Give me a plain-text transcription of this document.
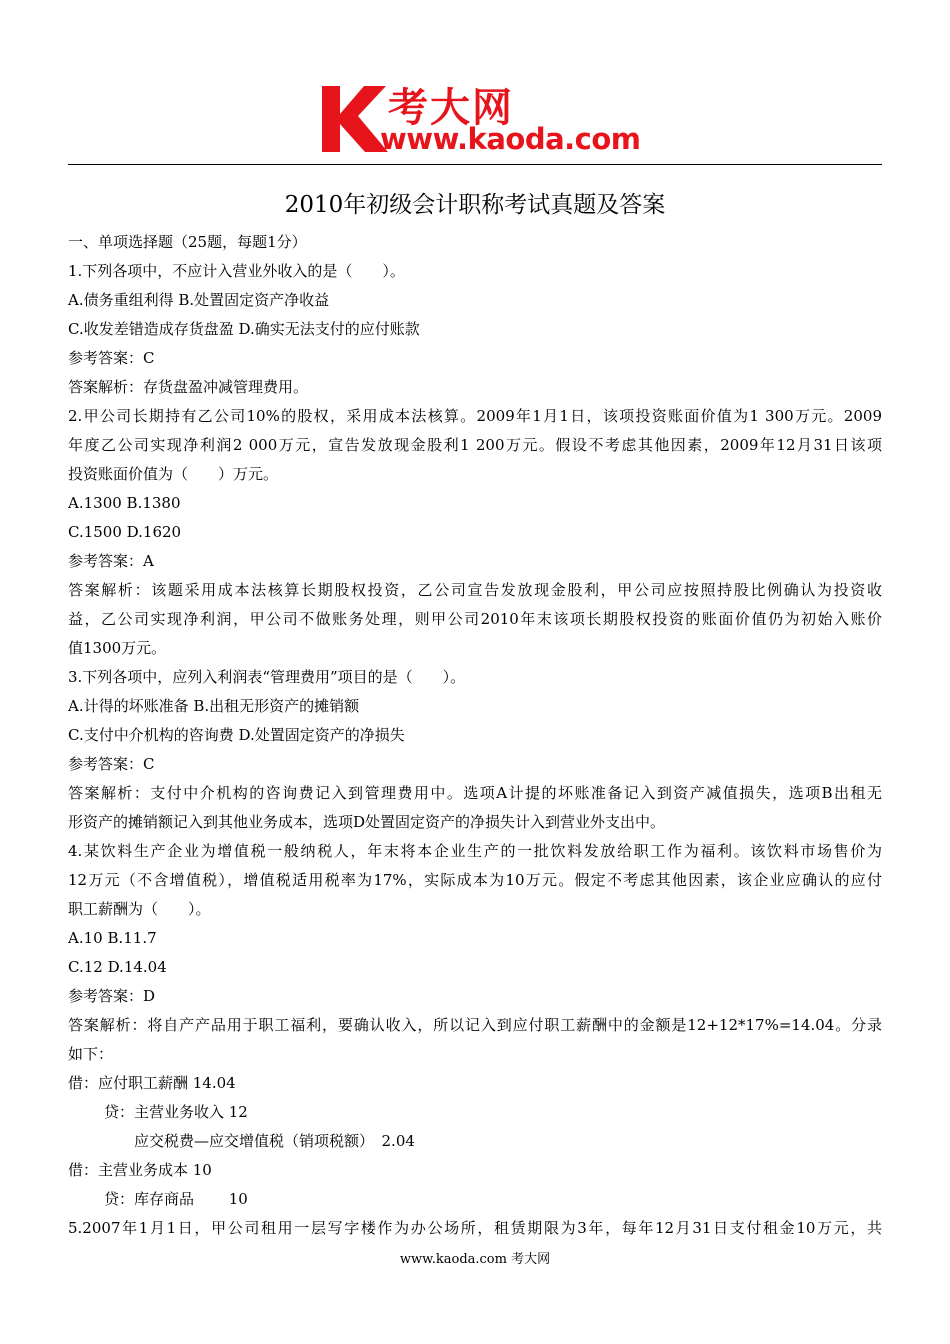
考大网
www.kaoda.com
2010年初级会计职称考试真题及答案
一、单项选择题（25题，每题1分）
1.下列各项中，不应计入营业外收入的是（　　）。
A.债务重组利得 B.处置固定资产净收益
C.收发差错造成存货盘盈 D.确实无法支付的应付账款
参考答案：C
答案解析：存货盘盈冲减管理费用。
2.甲公司长期持有乙公司10%的股权，采用成本法核算。2009年1月1日，该项投资账面价值为1 300万元。2009
年度乙公司实现净利润2 000万元，宣告发放现金股利1 200万元。假设不考虑其他因素，2009年12月31日该项
投资账面价值为（　　）万元。
A.1300 B.1380
C.1500 D.1620
参考答案：A
答案解析：该题采用成本法核算长期股权投资，乙公司宣告发放现金股利，甲公司应按照持股比例确认为投资收
益，乙公司实现净利润，甲公司不做账务处理，则甲公司2010年末该项长期股权投资的账面价值仍为初始入账价
值1300万元。
3.下列各项中，应列入利润表“管理费用”项目的是（　　）。
A.计得的坏账准备 B.出租无形资产的摊销额
C.支付中介机构的咨询费 D.处置固定资产的净损失
参考答案：C
答案解析：支付中介机构的咨询费记入到管理费用中。选项A计提的坏账准备记入到资产减值损失，选项B出租无
形资产的摊销额记入到其他业务成本，选项D处置固定资产的净损失计入到营业外支出中。
4.某饮料生产企业为增值税一般纳税人，年末将本企业生产的一批饮料发放给职工作为福利。该饮料市场售价为
12万元（不含增值税），增值税适用税率为17%，实际成本为10万元。假定不考虑其他因素，该企业应确认的应付
职工薪酬为（　　）。
A.10 B.11.7
C.12 D.14.04
参考答案：D
答案解析：将自产产品用于职工福利，要确认收入，所以记入到应付职工薪酬中的金额是12+12*17%=14.04。分录
如下：
借：应付职工薪酬 14.04
贷：主营业务收入 12
应交税费—应交增值税（销项税额）　2.04
借：主营业务成本 10
贷：库存商品　　 10
5.2007年1月1日，甲公司租用一层写字楼作为办公场所，租赁期限为3年，每年12月31日支付租金10万元，共
www.kaoda.com 考大网
